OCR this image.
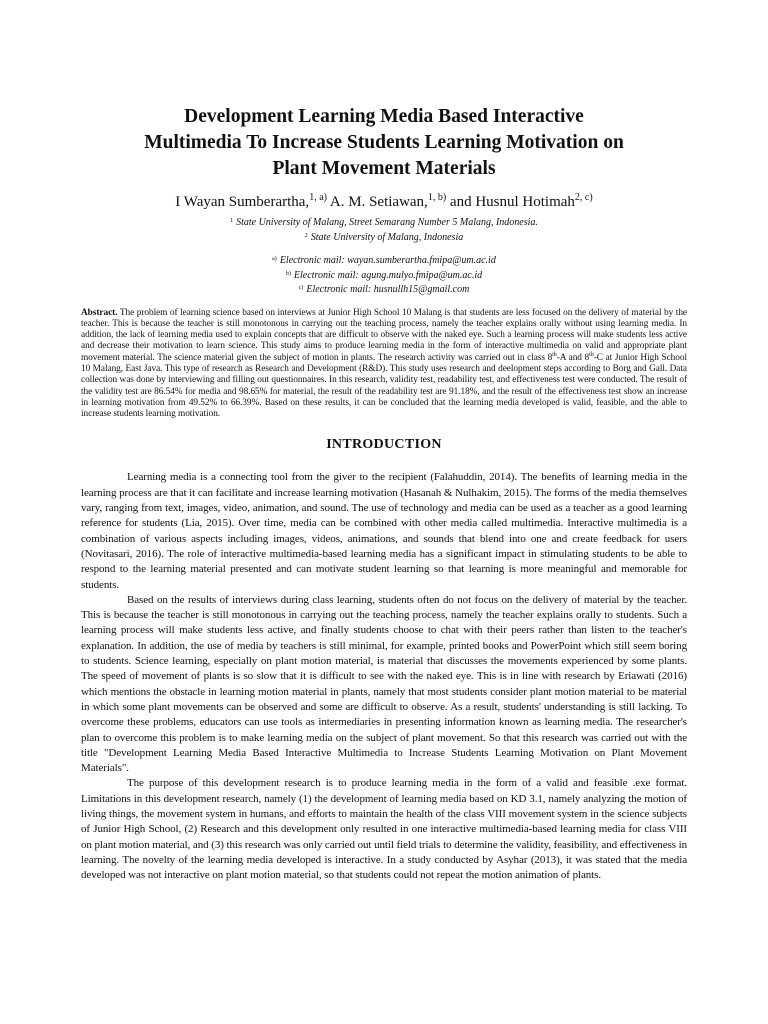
Development Learning Media Based Interactive
Multimedia To Increase Students Learning Motivation on
Plant Movement Materials
I Wayan Sumberartha,$^{1, a)}$ A. M. Setiawan,$^{1, b)}$ and Husnul Hotimah$^{2, c)}$
$^1$ State University of Malang, Street Semarang Number 5 Malang, Indonesia.
$^2$ State University of Malang, Indonesia
$^{a)}$ Electronic mail: wayan.sumberartha.fmipa@um.ac.id
$^{b)}$ Electronic mail: agung.mulyo.fmipa@um.ac.id
$^{c)}$ Electronic mail: husnullh15@gmail.com

Abstract. The problem of learning science based on interviews at Junior High School 10 Malang is that students are less focused on the delivery of material by the teacher. This is because the teacher is still monotonous in carrying out the teaching process, namely the teacher explains orally without using learning media. In addition, the lack of learning media used to explain concepts that are difficult to observe with the naked eye. Such a learning process will make students less active and decrease their motivation to learn science. This study aims to produce learning media in the form of interactive multimedia on valid and appropriate plant movement material. The science material given the subject of motion in plants. The research activity was carried out in class 8th-A and 8th-C at Junior High School 10 Malang, East Java. This type of research as Research and Development (R&D). This study uses research and deelopment steps according to Borg and Gall. Data collection was done by interviewing and filling out questionnaires. In this research, validity test, readability test, and effectiveness test were conducted. The result of the validity test are 86.54% for media and 98.65% for material, the result of the readability test are 91.18%, and the result of the effectiveness test show an increase in learning motivation from 49.52% to 66.39%. Based on these results, it can be concluded that the learning media developed is valid, feasible, and the able to increase students learning motivation.

INTRODUCTION

Learning media is a connecting tool from the giver to the recipient (Falahuddin, 2014). The benefits of learning media in the learning process are that it can facilitate and increase learning motivation (Hasanah & Nulhakim, 2015). The forms of the media themselves vary, ranging from text, images, video, animation, and sound. The use of technology and media can be used as a teacher as a good learning reference for students (Lia, 2015). Over time, media can be combined with other media called multimedia. Interactive multimedia is a combination of various aspects including images, videos, animations, and sounds that blend into one and create feedback for users (Novitasari, 2016). The role of interactive multimedia-based learning media has a significant impact in stimulating students to be able to respond to the learning material presented and can motivate student learning so that learning is more meaningful and memorable for students.

Based on the results of interviews during class learning, students often do not focus on the delivery of material by the teacher. This is because the teacher is still monotonous in carrying out the teaching process, namely the teacher explains orally to students. Such a learning process will make students less active, and finally students choose to chat with their peers rather than listen to the teacher's explanation. In addition, the use of media by teachers is still minimal, for example, printed books and PowerPoint which still seem boring to students. Science learning, especially on plant motion material, is material that discusses the movements experienced by some plants. The speed of movement of plants is so slow that it is difficult to see with the naked eye. This is in line with research by Eriawati (2016) which mentions the obstacle in learning motion material in plants, namely that most students consider plant motion material to be material in which some plant movements can be observed and some are difficult to observe. As a result, students' understanding is still lacking. To overcome these problems, educators can use tools as intermediaries in presenting information known as learning media. The researcher's plan to overcome this problem is to make learning media on the subject of plant movement. So that this research was carried out with the title "Development Learning Media Based Interactive Multimedia to Increase Students Learning Motivation on Plant Movement Materials".

The purpose of this development research is to produce learning media in the form of a valid and feasible .exe format. Limitations in this development research, namely (1) the development of learning media based on KD 3.1, namely analyzing the motion of living things, the movement system in humans, and efforts to maintain the health of the class VIII movement system in the science subjects of Junior High School, (2) Research and this development only resulted in one interactive multimedia-based learning media for class VIII on plant motion material, and (3) this research was only carried out until field trials to determine the validity, feasibility, and effectiveness in learning. The novelty of the learning media developed is interactive. In a study conducted by Asyhar (2013), it was stated that the media developed was not interactive on plant motion material, so that students could not repeat the motion animation of plants.
